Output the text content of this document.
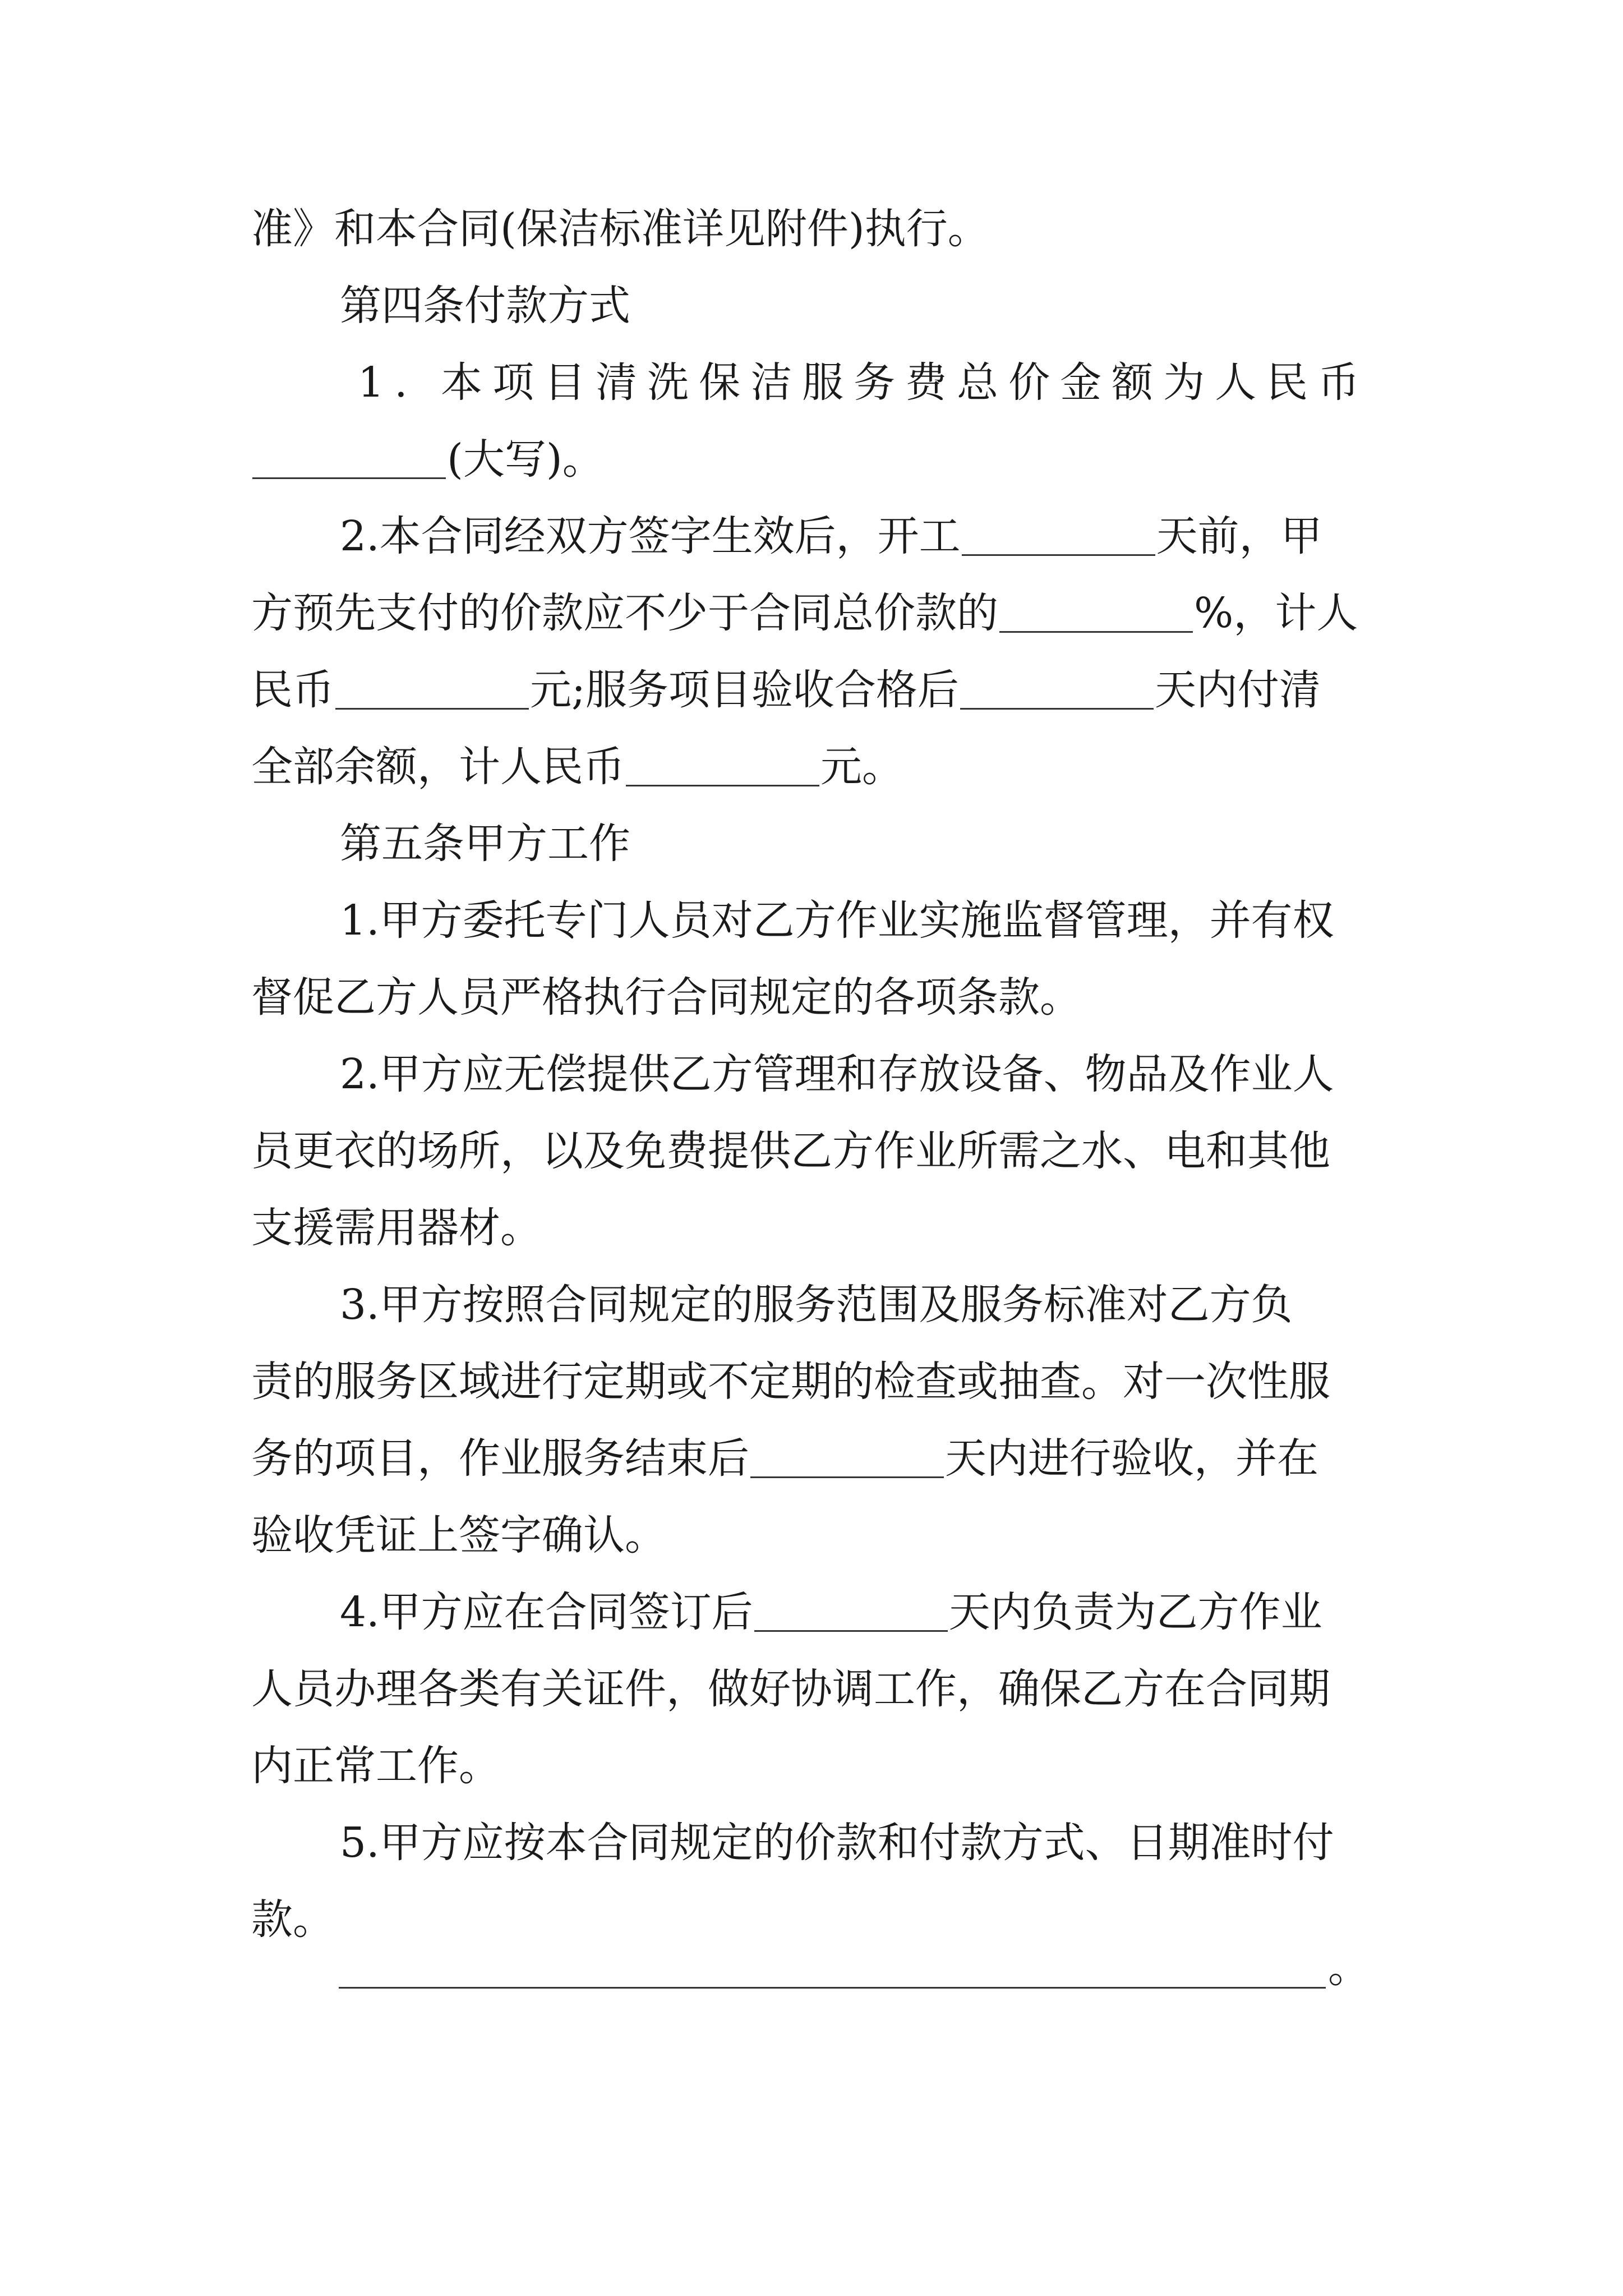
准》和本合同(保洁标准详见附件)执行。
第四条付款方式
1. 本项目清洗保洁服务费总价金额为人民币
(大写)。
2.本合同经双方签字生效后，开工	天前，甲
方预先支付的价款应不少于合同总价款的	%，计人
民币	元;服务项目验收合格后	天内付清
全部余额，计人民币	元。
第五条甲方工作
1.甲方委托专门人员对乙方作业实施监督管理，并有权
督促乙方人员严格执行合同规定的各项条款。
2.甲方应无偿提供乙方管理和存放设备、物品及作业人
员更衣的场所，以及免费提供乙方作业所需之水、电和其他
支援需用器材。
3.甲方按照合同规定的服务范围及服务标准对乙方负
责的服务区域进行定期或不定期的检查或抽查。对一次性服
务的项目，作业服务结束后	天内进行验收，并在
验收凭证上签字确认。
4.甲方应在合同签订后	天内负责为乙方作业
人员办理各类有关证件，做好协调工作，确保乙方在合同期
内正常工作。
5.甲方应按本合同规定的价款和付款方式、日期准时付
款。
。
